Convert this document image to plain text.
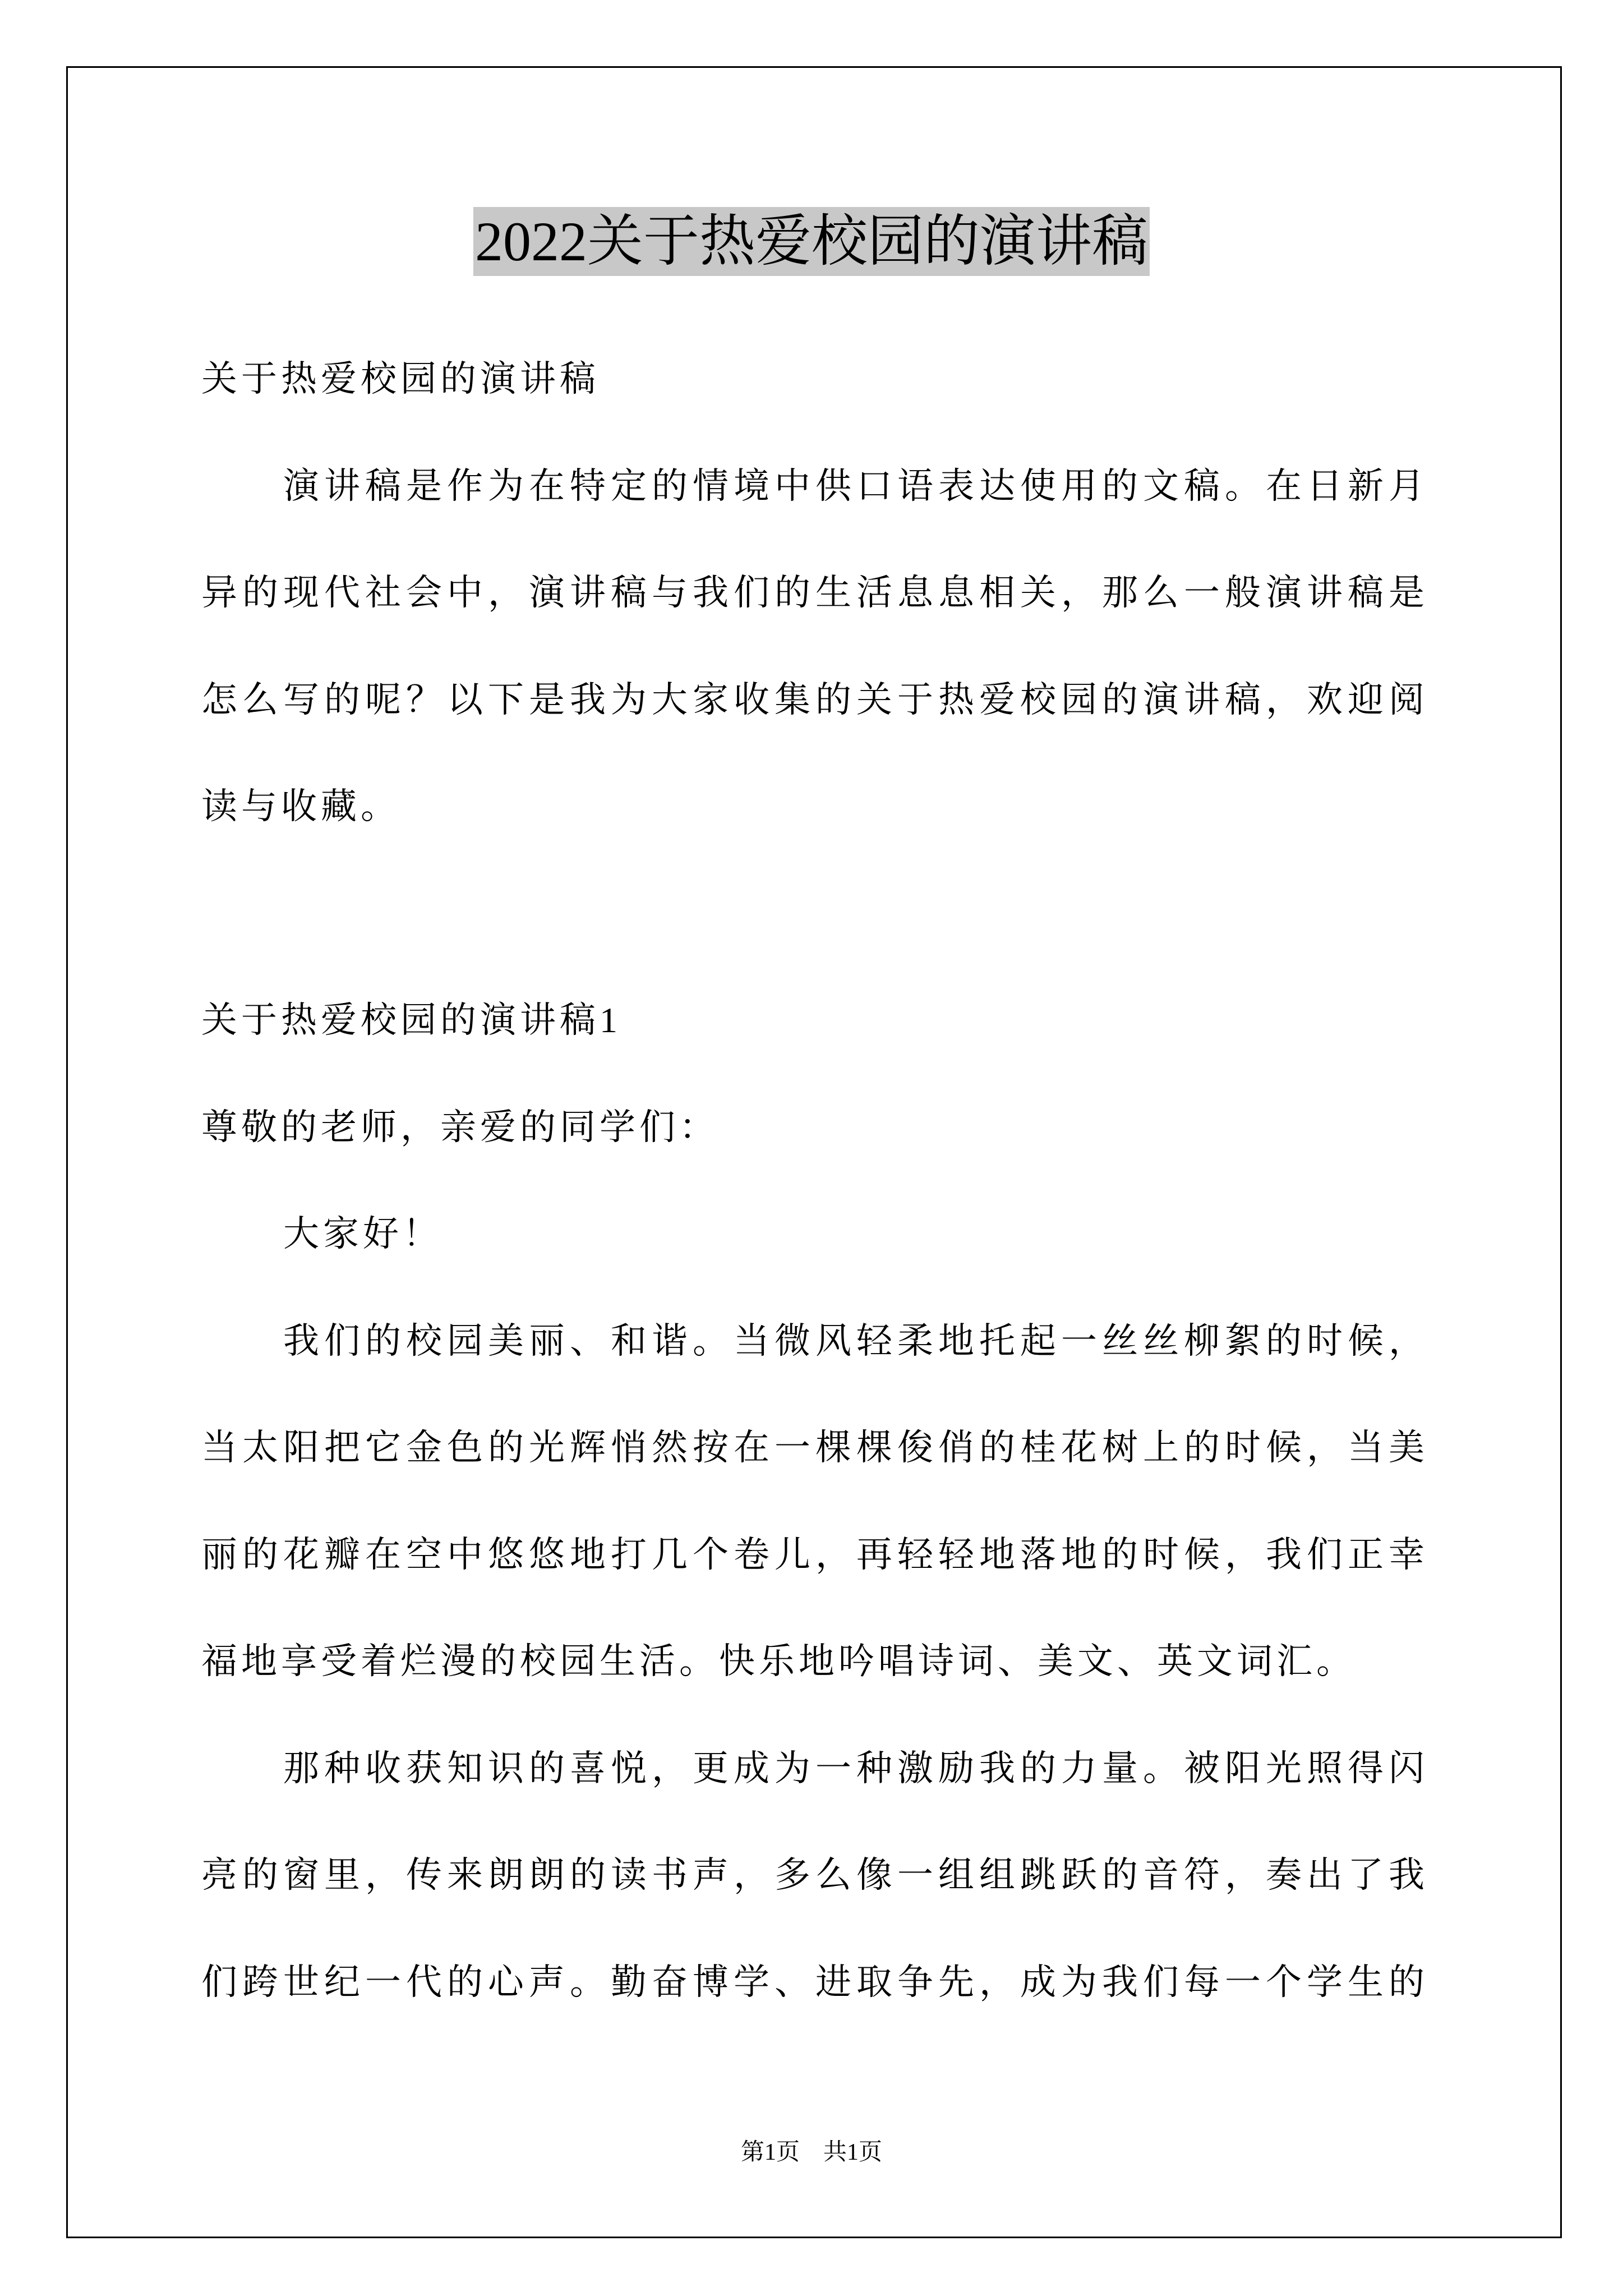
2022关于热爱校园的演讲稿
关于热爱校园的演讲稿
演讲稿是作为在特定的情境中供口语表达使用的文稿。在日新月
异的现代社会中，演讲稿与我们的生活息息相关，那么一般演讲稿是
怎么写的呢？以下是我为大家收集的关于热爱校园的演讲稿，欢迎阅
读与收藏。
关于热爱校园的演讲稿1
尊敬的老师，亲爱的同学们：
大家好！
我们的校园美丽、和谐。当微风轻柔地托起一丝丝柳絮的时候，
当太阳把它金色的光辉悄然按在一棵棵俊俏的桂花树上的时候，当美
丽的花瓣在空中悠悠地打几个卷儿，再轻轻地落地的时候，我们正幸
福地享受着烂漫的校园生活。快乐地吟唱诗词、美文、英文词汇。
那种收获知识的喜悦，更成为一种激励我的力量。被阳光照得闪
亮的窗里，传来朗朗的读书声，多么像一组组跳跃的音符，奏出了我
们跨世纪一代的心声。勤奋博学、进取争先，成为我们每一个学生的
第1页　共1页
